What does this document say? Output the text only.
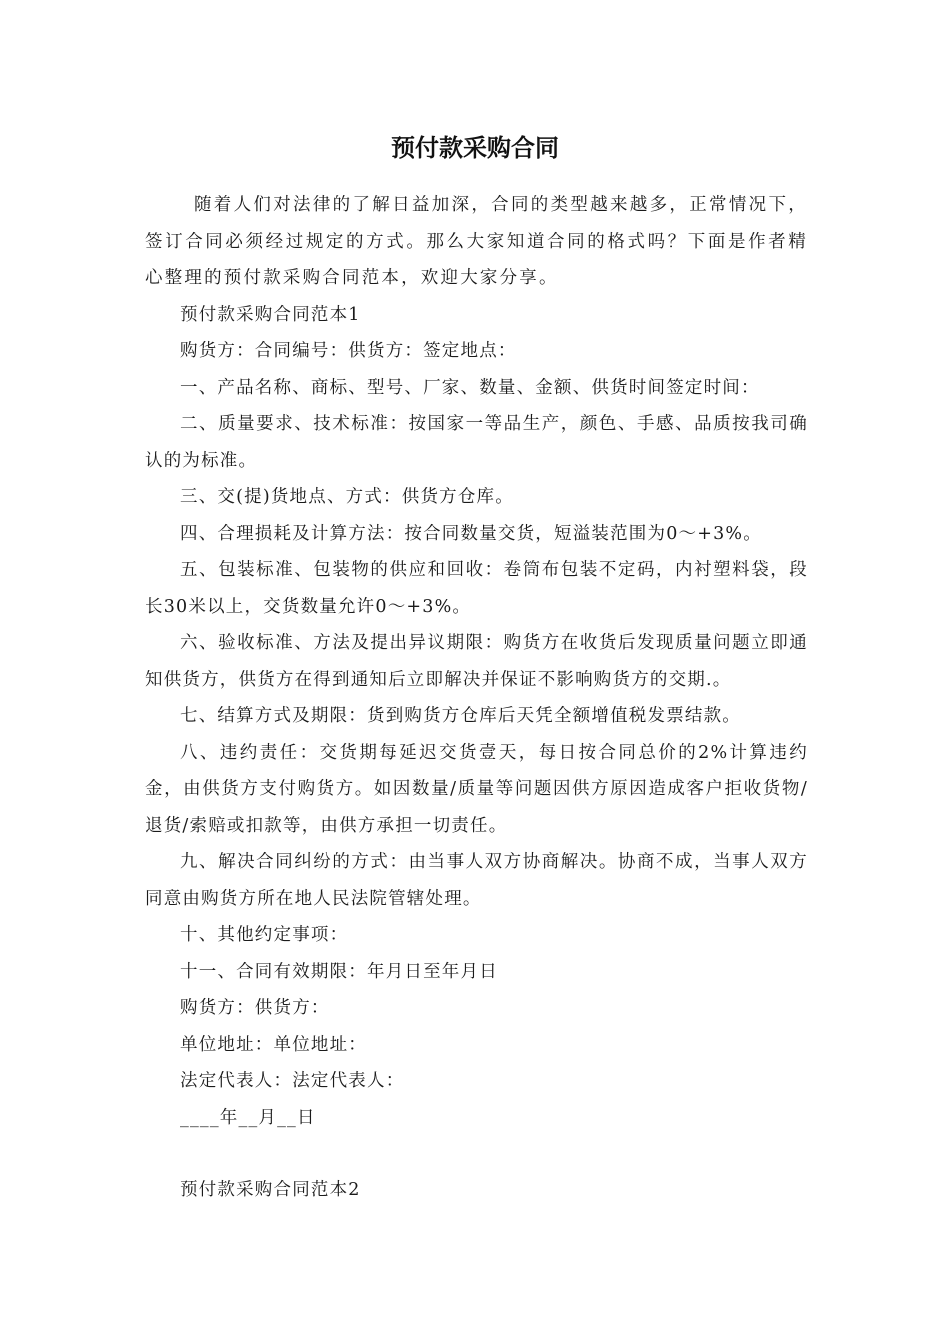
预付款采购合同

随着人们对法律的了解日益加深，合同的类型越来越多，正常情况下，签订合同必须经过规定的方式。那么大家知道合同的格式吗？下面是作者精心整理的预付款采购合同范本，欢迎大家分享。

预付款采购合同范本1

购货方：合同编号：供货方：签定地点：

一、产品名称、商标、型号、厂家、数量、金额、供货时间签定时间：

二、质量要求、技术标准：按国家一等品生产，颜色、手感、品质按我司确认的为标准。

三、交(提)货地点、方式：供货方仓库。

四、合理损耗及计算方法：按合同数量交货，短溢装范围为0～+3%。

五、包装标准、包装物的供应和回收：卷筒布包装不定码，内衬塑料袋，段长30米以上，交货数量允许0～+3%。

六、验收标准、方法及提出异议期限：购货方在收货后发现质量问题立即通知供货方，供货方在得到通知后立即解决并保证不影响购货方的交期.。

七、结算方式及期限：货到购货方仓库后天凭全额增值税发票结款。

八、违约责任：交货期每延迟交货壹天，每日按合同总价的2%计算违约金，由供货方支付购货方。如因数量/质量等问题因供方原因造成客户拒收货物/退货/索赔或扣款等，由供方承担一切责任。

九、解决合同纠纷的方式：由当事人双方协商解决。协商不成，当事人双方同意由购货方所在地人民法院管辖处理。

十、其他约定事项：

十一、合同有效期限：年月日至年月日

购货方：供货方：

单位地址：单位地址：

法定代表人：法定代表人：

____年__月__日

预付款采购合同范本2
